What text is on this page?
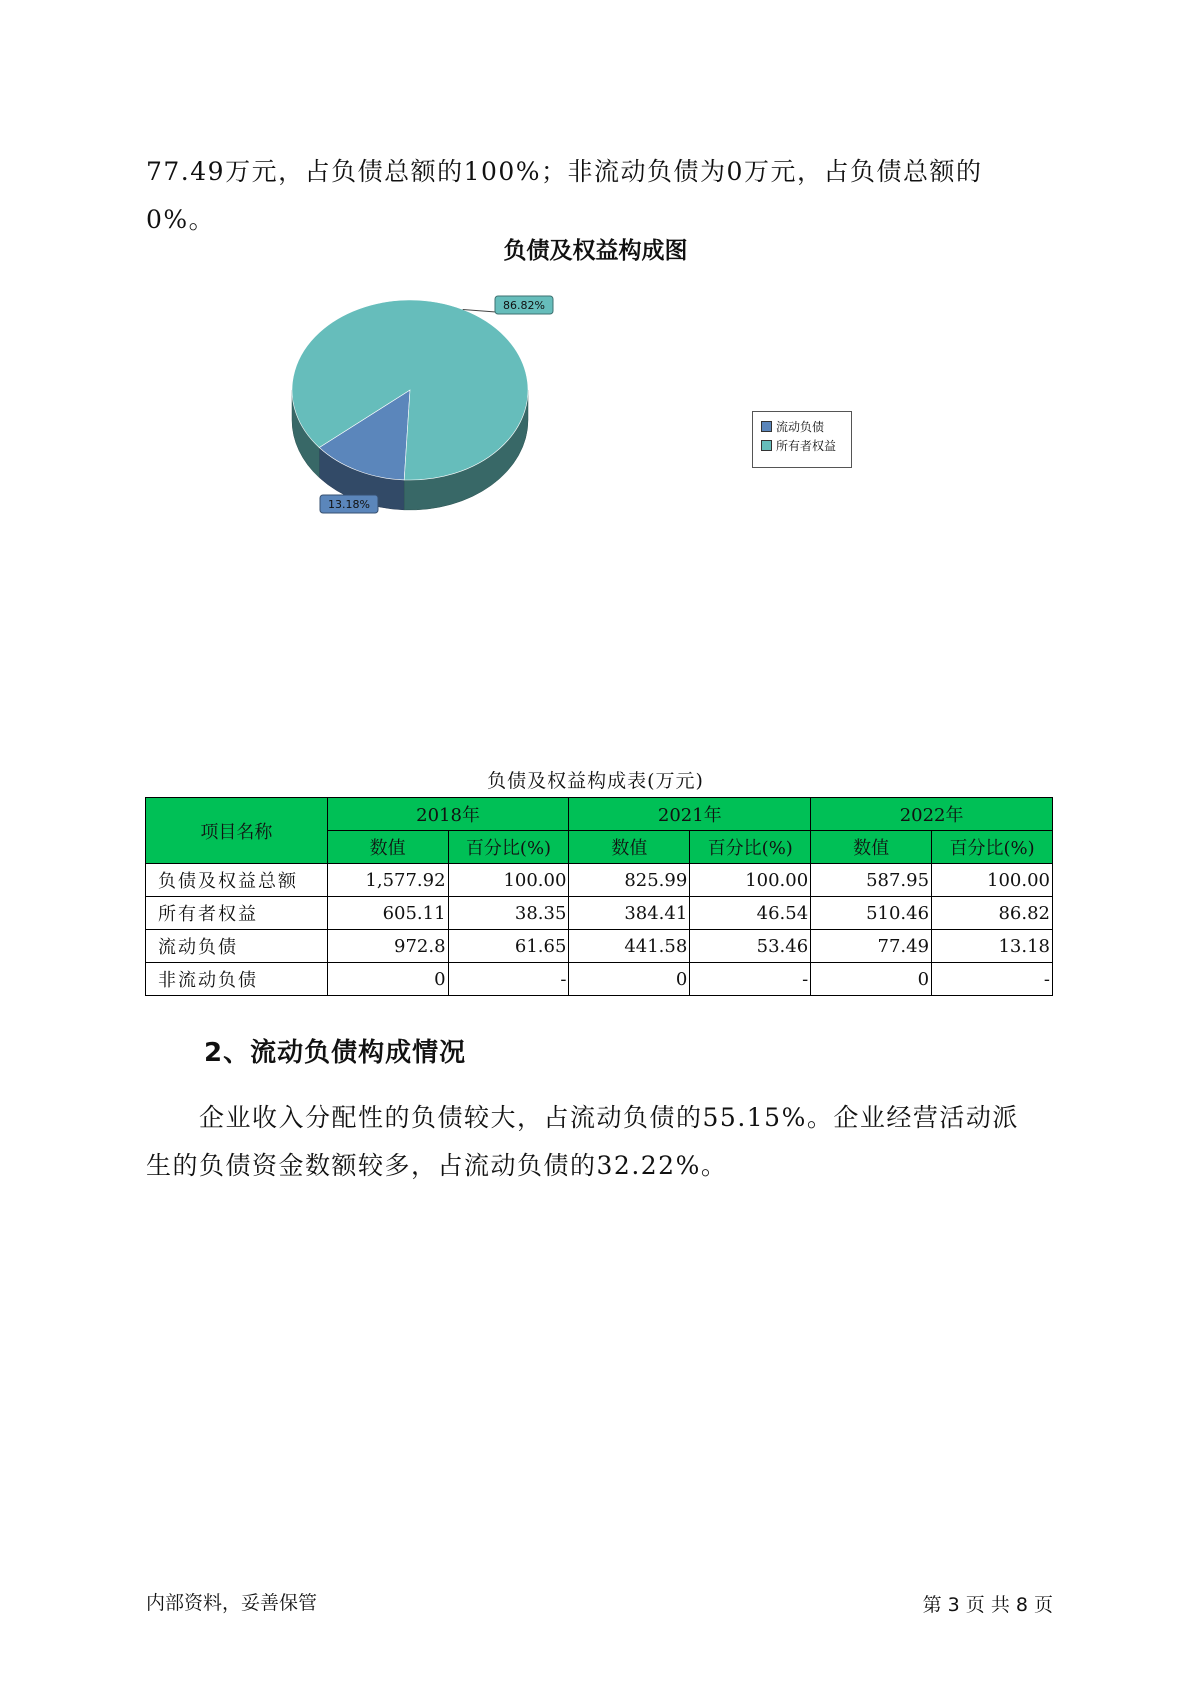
77.49万元，占负债总额的100%；非流动负债为0万元，占负债总额的0%。
负债及权益构成图
13.18%
86.82%
流动负债
所有者权益
负债及权益构成表(万元)
项目名称	2018年		2021年		2022年	
	数值	百分比(%)	数值	百分比(%)	数值	百分比(%)
负债及权益总额	1,577.92	100.00	825.99	100.00	587.95	100.00
所有者权益	605.11	38.35	384.41	46.54	510.46	86.82
流动负债	972.8	61.65	441.58	53.46	77.49	13.18
非流动负债	0	-	0	-	0	-
2、流动负债构成情况
　　企业收入分配性的负债较大，占流动负债的55.15%。企业经营活动派
生的负债资金数额较多，占流动负债的32.22%。
内部资料，妥善保管	第 3 页 共 8 页
